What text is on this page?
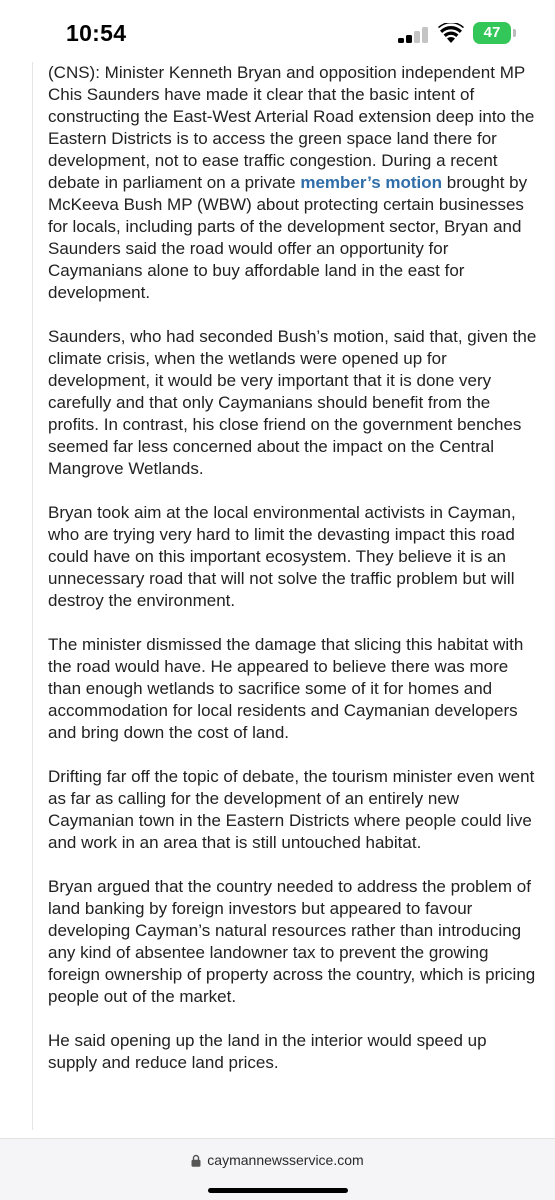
10:54	47

(CNS): Minister Kenneth Bryan and opposition independent MP Chis Saunders have made it clear that the basic intent of constructing the East-West Arterial Road extension deep into the Eastern Districts is to access the green space land there for development, not to ease traffic congestion. During a recent debate in parliament on a private member’s motion brought by McKeeva Bush MP (WBW) about protecting certain businesses for locals, including parts of the development sector, Bryan and Saunders said the road would offer an opportunity for Caymanians alone to buy affordable land in the east for development.

Saunders, who had seconded Bush’s motion, said that, given the climate crisis, when the wetlands were opened up for development, it would be very important that it is done very carefully and that only Caymanians should benefit from the profits. In contrast, his close friend on the government benches seemed far less concerned about the impact on the Central Mangrove Wetlands.

Bryan took aim at the local environmental activists in Cayman, who are trying very hard to limit the devasting impact this road could have on this important ecosystem. They believe it is an unnecessary road that will not solve the traffic problem but will destroy the environment.

The minister dismissed the damage that slicing this habitat with the road would have. He appeared to believe there was more than enough wetlands to sacrifice some of it for homes and accommodation for local residents and Caymanian developers and bring down the cost of land.

Drifting far off the topic of debate, the tourism minister even went as far as calling for the development of an entirely new Caymanian town in the Eastern Districts where people could live and work in an area that is still untouched habitat.

Bryan argued that the country needed to address the problem of land banking by foreign investors but appeared to favour developing Cayman’s natural resources rather than introducing any kind of absentee landowner tax to prevent the growing foreign ownership of property across the country, which is pricing people out of the market.

He said opening up the land in the interior would speed up supply and reduce land prices.

caymannewsservice.com
